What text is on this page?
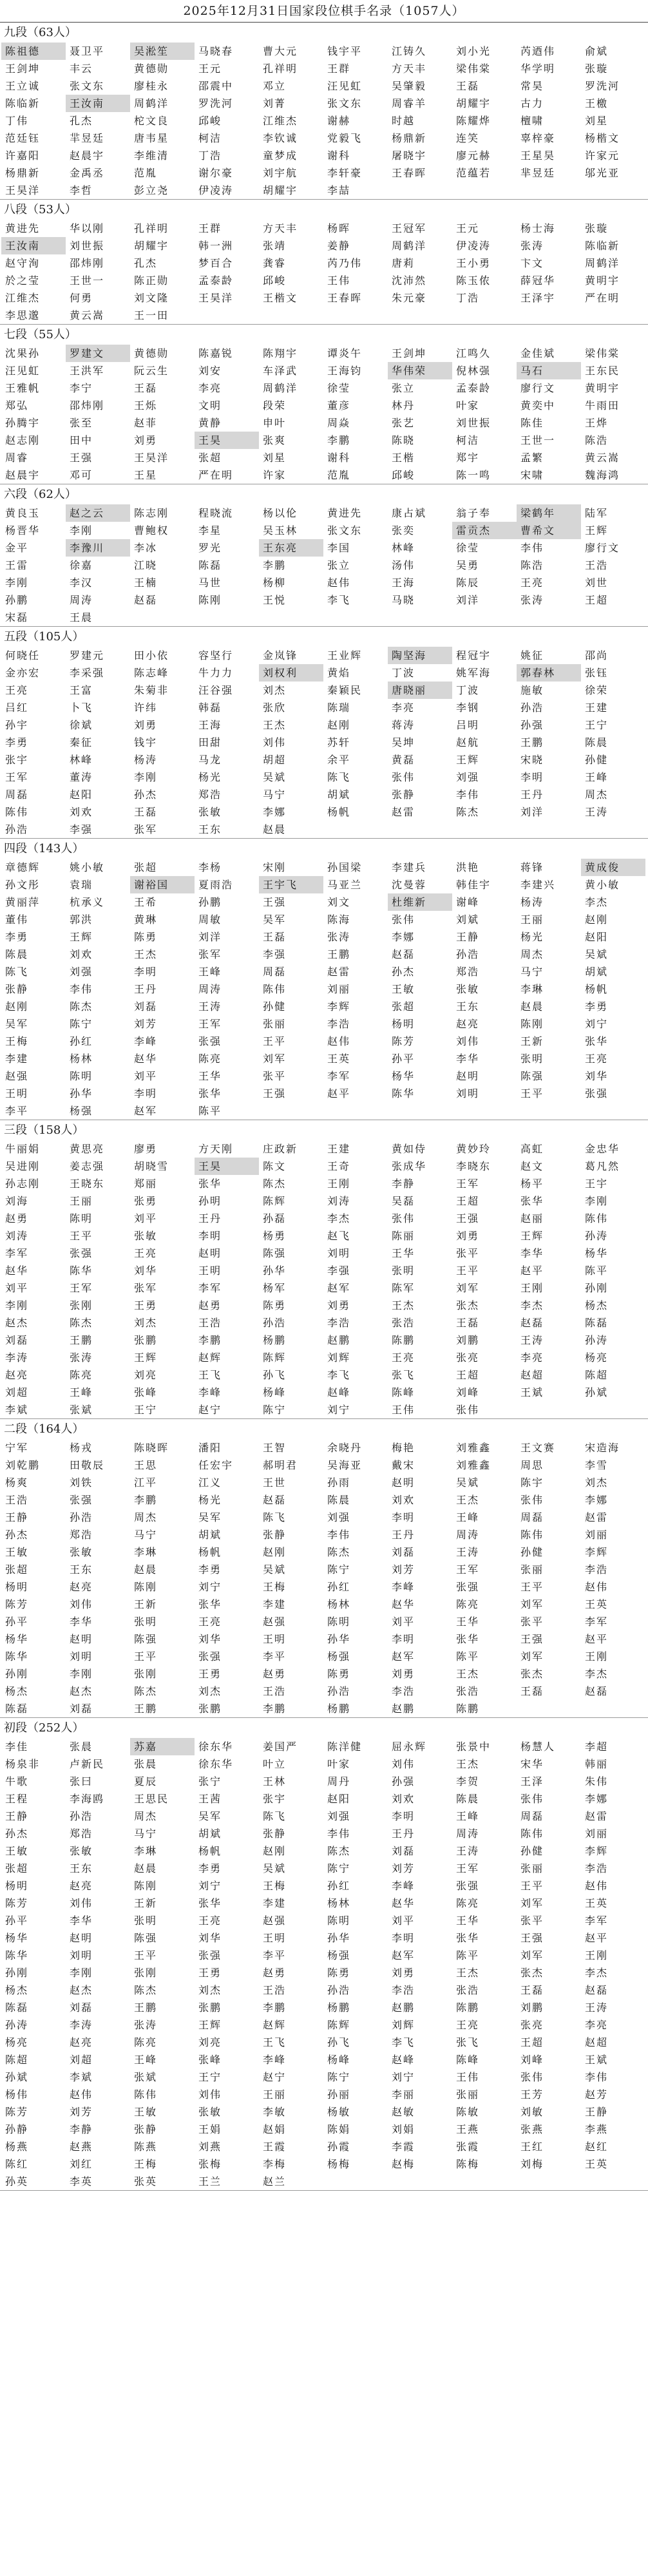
2025年12月31日国家段位棋手名录（1057人）
九段（63人）
陈祖德	聂卫平	吴淞笙	马晓春	曹大元	钱宇平	江铸久	刘小光	芮迺伟	俞斌
王剑坤	丰云	黄德勋	王元	孔祥明	王群	方天丰	梁伟棠	华学明	张璇
王立诚	张文东	廖桂永	邵震中	邓立	汪见虹	吴肇毅	王磊	常昊	罗洗河
陈临新	王汝南	周鹤洋	罗洗河	刘菁	张文东	周睿羊	胡耀宇	古力	王檄
丁伟	孔杰	柁文良	邱峻	江维杰	谢赫	时越	陈耀烨	檀啸	刘星
范廷钰	羋昱廷	唐韦星	柯洁	李钦诚	党毅飞	杨鼎新	连笑	辜梓豪	杨楷文
许嘉阳	赵晨宇	李维清	丁浩	童梦成	谢科	屠晓宇	廖元赫	王星昊	许家元
杨鼎新	金禹丞	范胤	谢尔豪	刘宇航	李轩豪	王春晖	范蕴若	芈昱廷	邬光亚
王昊洋	李哲	彭立尧	伊凌涛	胡耀宇	李喆
八段（53人）
黄进先	华以刚	孔祥明	王群	方天丰	杨晖	王冠军	王元	杨士海	张璇
王汝南	刘世振	胡耀宇	韩一洲	张靖	姜静	周鹤洋	伊凌涛	张涛	陈临新
赵守洵	邵炜刚	孔杰	梦百合	龚睿	芮乃伟	唐莉	王小勇	卞文	周鹤洋
於之莹	王世一	陈正勋	孟泰龄	邱峻	王伟	沈沛然	陈玉侬	薛冠华	黄明宇
江维杰	何勇	刘文隆	王昊洋	王楷文	王春晖	朱元豪	丁浩	王泽宇	严在明
李思邈	黄云嵩	王一田
七段（55人）
沈果孙	罗建文	黄德勋	陈嘉锐	陈翔宇	谭炎午	王剑坤	江鸣久	金佳斌	梁伟棠
汪见虹	王洪军	阮云生	刘安	车泽武	王海钧	华伟荣	倪林强	马石	王东民
王雅帆	李宁	王磊	李亮	周鹤洋	徐莹	张立	孟泰龄	廖行文	黄明宇
郑弘	邵炜刚	王烁	文明	段荣	董彦	林丹	叶家	黄奕中	牛雨田
孙腾宇	张至	赵菲	黄静	申叶	周焱	张艺	刘世振	陈佳	王烨
赵志刚	田中	刘勇	王昊	张爽	李鹏	陈晓	柯洁	王世一	陈浩
周睿	王强	王昊洋	张超	刘星	谢科	王楷	郑宇	孟繁	黄云嵩
赵晨宇	邓可	王星	严在明	许家	范胤	邱峻	陈一鸣	宋啸	魏海鸿
六段（62人）
黄良玉	赵之云	陈志刚	程晓流	杨以伦	黄进先	康占斌	翁子奉	梁鹤年	陆军
杨晋华	李刚	曹鲍权	李星	吴玉林	张文东	张奕	雷贡杰	曹希文	王辉
金平	李豫川	李冰	罗光	王东亮	李国	林峰	徐莹	李伟	廖行文
王雷	徐嘉	江晓	陈磊	李鹏	张立	汤伟	吴勇	陈浩	王浩
李刚	李汉	王楠	马世	杨柳	赵伟	王海	陈辰	王亮	刘世
孙鹏	周涛	赵磊	陈刚	王悦	李飞	马晓	刘洋	张涛	王超
宋磊	王晨
五段（105人）
何晓任	罗建元	田小依	容坚行	金岚锋	王业辉	陶坚海	程冠宇	姚征	邵尚
金亦宏	李采强	陈志峰	牛力力	刘权利	黄焰	丁波	姚军海	郭春林	张钰
王亮	王富	朱菊非	汪谷强	刘杰	秦颖民	唐晓丽	丁波	施敏	徐荣
吕红	卜飞	许纬	韩磊	张欣	陈瑞	李亮	李钢	孙浩	王建
孙宇	徐斌	刘勇	王海	王杰	赵刚	蒋涛	吕明	孙强	王宁
李勇	秦征	钱宇	田甜	刘伟	苏轩	吴坤	赵航	王鹏	陈晨
张宇	林峰	杨涛	马龙	胡超	余平	黄磊	王辉	宋晓	孙健
王军	董涛	李刚	杨光	吴斌	陈飞	张伟	刘强	李明	王峰
周磊	赵阳	孙杰	郑浩	马宁	胡斌	张静	李伟	王丹	周杰
陈伟	刘欢	王磊	张敏	李娜	杨帆	赵雷	陈杰	刘洋	王涛
孙浩	李强	张军	王东	赵晨
四段（143人）
章德辉	姚小敏	张超	李杨	宋刚	孙国梁	李建兵	洪艳	蒋锋	黄成俊
孙文彤	袁瑞	谢裕国	夏雨浩	王宇飞	马亚兰	沈曼蓉	韩佳宇	李建兴	黄小敏
黄丽萍	杭承义	王希	孙鹏	王强	刘文	杜维新	谢峰	杨涛	李杰
董伟	郭洪	黄琳	周敏	吴军	陈海	张伟	刘斌	王丽	赵刚
李勇	王辉	陈勇	刘洋	王磊	张涛	李娜	王静	杨光	赵阳
陈晨	刘欢	王杰	张军	李强	王鹏	赵磊	孙浩	周杰	吴斌
陈飞	刘强	李明	王峰	周磊	赵雷	孙杰	郑浩	马宁	胡斌
张静	李伟	王丹	周涛	陈伟	刘丽	王敏	张敏	李琳	杨帆
赵刚	陈杰	刘磊	王涛	孙健	李辉	张超	王东	赵晨	李勇
吴军	陈宁	刘芳	王军	张丽	李浩	杨明	赵亮	陈刚	刘宁
王梅	孙红	李峰	张强	王平	赵伟	陈芳	刘伟	王新	张华
李建	杨林	赵华	陈亮	刘军	王英	孙平	李华	张明	王亮
赵强	陈明	刘平	王华	张平	李军	杨华	赵明	陈强	刘华
王明	孙华	李明	张华	王强	赵平	陈华	刘明	王平	张强
李平	杨强	赵军	陈平
三段（158人）
牛丽娟	黄思亮	廖勇	方天刚	庄政新	王建	黄如侍	黄妙玲	高虹	金忠华
吴进刚	姜志强	胡晓雪	王昊	陈文	王奇	张成华	李晓东	赵文	葛凡然
孙志刚	王晓东	郑丽	张华	陈杰	王刚	李静	王军	杨平	王宇
刘海	王丽	张勇	孙明	陈辉	刘涛	吴磊	王超	张华	李刚
赵勇	陈明	刘平	王丹	孙磊	李杰	张伟	王强	赵丽	陈伟
刘涛	王平	张敏	李明	杨勇	赵飞	陈丽	刘勇	王辉	孙涛
李军	张强	王亮	赵明	陈强	刘明	王华	张平	李华	杨华
赵华	陈华	刘华	王明	孙华	李强	张明	王平	赵平	陈平
刘平	王军	张军	李军	杨军	赵军	陈军	刘军	王刚	孙刚
李刚	张刚	王勇	赵勇	陈勇	刘勇	王杰	张杰	李杰	杨杰
赵杰	陈杰	刘杰	王浩	孙浩	李浩	张浩	王磊	赵磊	陈磊
刘磊	王鹏	张鹏	李鹏	杨鹏	赵鹏	陈鹏	刘鹏	王涛	孙涛
李涛	张涛	王辉	赵辉	陈辉	刘辉	王亮	张亮	李亮	杨亮
赵亮	陈亮	刘亮	王飞	孙飞	李飞	张飞	王超	赵超	陈超
刘超	王峰	张峰	李峰	杨峰	赵峰	陈峰	刘峰	王斌	孙斌
李斌	张斌	王宁	赵宁	陈宁	刘宁	王伟	张伟
二段（164人）
宁军	杨戎	陈晓晖	潘阳	王智	余晓丹	梅艳	刘雅鑫	王文赛	宋造海
刘乾鹏	田敬辰	王思	任宏宇	郝明君	吴海亚	戴宋	刘雅鑫	周思	李雪
杨爽	刘铁	江平	江义	王世	孙雨	赵明	吴斌	陈宇	刘杰
王浩	张强	李鹏	杨光	赵磊	陈晨	刘欢	王杰	张伟	李娜
王静	孙浩	周杰	吴军	陈飞	刘强	李明	王峰	周磊	赵雷
孙杰	郑浩	马宁	胡斌	张静	李伟	王丹	周涛	陈伟	刘丽
王敏	张敏	李琳	杨帆	赵刚	陈杰	刘磊	王涛	孙健	李辉
张超	王东	赵晨	李勇	吴斌	陈宁	刘芳	王军	张丽	李浩
杨明	赵亮	陈刚	刘宁	王梅	孙红	李峰	张强	王平	赵伟
陈芳	刘伟	王新	张华	李建	杨林	赵华	陈亮	刘军	王英
孙平	李华	张明	王亮	赵强	陈明	刘平	王华	张平	李军
杨华	赵明	陈强	刘华	王明	孙华	李明	张华	王强	赵平
陈华	刘明	王平	张强	李平	杨强	赵军	陈平	刘军	王刚
孙刚	李刚	张刚	王勇	赵勇	陈勇	刘勇	王杰	张杰	李杰
杨杰	赵杰	陈杰	刘杰	王浩	孙浩	李浩	张浩	王磊	赵磊
陈磊	刘磊	王鹏	张鹏	李鹏	杨鹏	赵鹏	陈鹏
初段（252人）
李佳	张晨	苏嘉	徐东华	姜国严	陈洋健	屈永辉	张景中	杨慧人	李超
杨泉非	卢新民	张晨	徐东华	叶立	叶家	刘伟	王杰	宋华	韩丽
牛歌	张曰	夏辰	张宁	王林	周丹	孙强	李贺	王泽	朱伟
王程	李海鸥	王思民	王茜	张宇	赵阳	刘欢	陈晨	张伟	李娜
王静	孙浩	周杰	吴军	陈飞	刘强	李明	王峰	周磊	赵雷
孙杰	郑浩	马宁	胡斌	张静	李伟	王丹	周涛	陈伟	刘丽
王敏	张敏	李琳	杨帆	赵刚	陈杰	刘磊	王涛	孙健	李辉
张超	王东	赵晨	李勇	吴斌	陈宁	刘芳	王军	张丽	李浩
杨明	赵亮	陈刚	刘宁	王梅	孙红	李峰	张强	王平	赵伟
陈芳	刘伟	王新	张华	李建	杨林	赵华	陈亮	刘军	王英
孙平	李华	张明	王亮	赵强	陈明	刘平	王华	张平	李军
杨华	赵明	陈强	刘华	王明	孙华	李明	张华	王强	赵平
陈华	刘明	王平	张强	李平	杨强	赵军	陈平	刘军	王刚
孙刚	李刚	张刚	王勇	赵勇	陈勇	刘勇	王杰	张杰	李杰
杨杰	赵杰	陈杰	刘杰	王浩	孙浩	李浩	张浩	王磊	赵磊
陈磊	刘磊	王鹏	张鹏	李鹏	杨鹏	赵鹏	陈鹏	刘鹏	王涛
孙涛	李涛	张涛	王辉	赵辉	陈辉	刘辉	王亮	张亮	李亮
杨亮	赵亮	陈亮	刘亮	王飞	孙飞	李飞	张飞	王超	赵超
陈超	刘超	王峰	张峰	李峰	杨峰	赵峰	陈峰	刘峰	王斌
孙斌	李斌	张斌	王宁	赵宁	陈宁	刘宁	王伟	张伟	李伟
杨伟	赵伟	陈伟	刘伟	王丽	孙丽	李丽	张丽	王芳	赵芳
陈芳	刘芳	王敏	张敏	李敏	杨敏	赵敏	陈敏	刘敏	王静
孙静	李静	张静	王娟	赵娟	陈娟	刘娟	王燕	张燕	李燕
杨燕	赵燕	陈燕	刘燕	王霞	孙霞	李霞	张霞	王红	赵红
陈红	刘红	王梅	张梅	李梅	杨梅	赵梅	陈梅	刘梅	王英
孙英	李英	张英	王兰	赵兰
